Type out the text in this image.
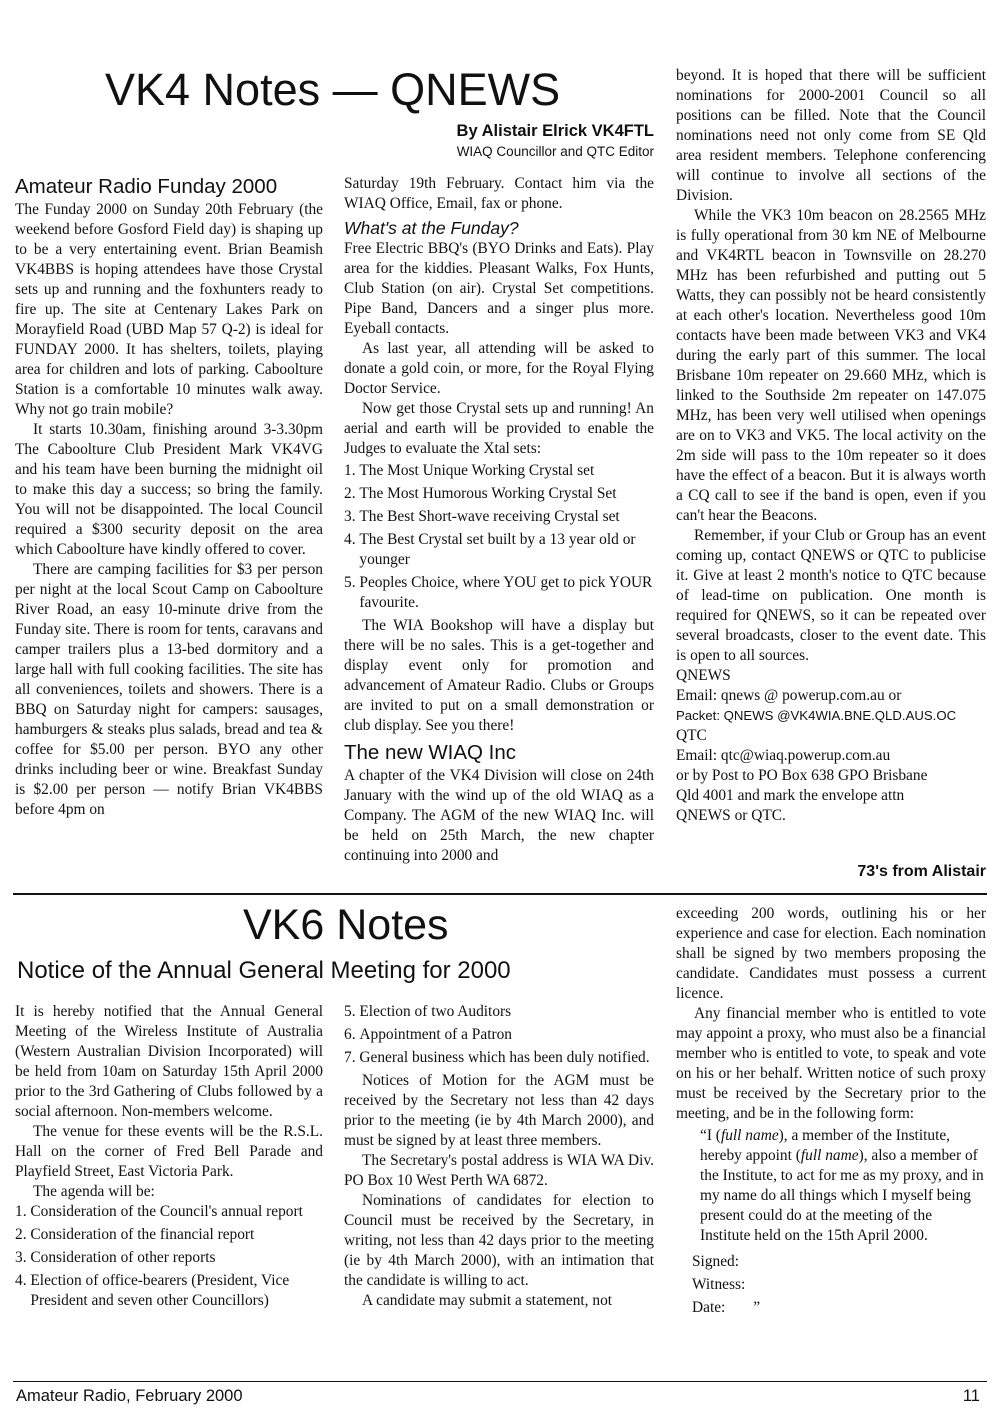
VK4 Notes — QNEWS
By Alistair Elrick VK4FTL
WIAQ Councillor and QTC Editor

Amateur Radio Funday 2000

The Funday 2000 on Sunday 20th February (the weekend before Gosford Field day) is shaping up to be a very entertaining event. Brian Beamish VK4BBS is hoping attendees have those Crystal sets up and running and the foxhunters ready to fire up. The site at Centenary Lakes Park on Morayfield Road (UBD Map 57 Q-2) is ideal for FUNDAY 2000. It has shelters, toilets, playing area for children and lots of parking. Caboolture Station is a comfortable 10 minutes walk away. Why not go train mobile?

It starts 10.30am, finishing around 3-3.30pm The Caboolture Club President Mark VK4VG and his team have been burning the midnight oil to make this day a success; so bring the family. You will not be disappointed. The local Council required a $300 security deposit on the area which Caboolture have kindly offered to cover.

There are camping facilities for $3 per person per night at the local Scout Camp on Caboolture River Road, an easy 10-minute drive from the Funday site. There is room for tents, caravans and camper trailers plus a 13-bed dormitory and a large hall with full cooking facilities. The site has all conveniences, toilets and showers. There is a BBQ on Saturday night for campers: sausages, hamburgers & steaks plus salads, bread and tea & coffee for $5.00 per person. BYO any other drinks including beer or wine. Breakfast Sunday is $2.00 per person — notify Brian VK4BBS before 4pm on

Saturday 19th February. Contact him via the WIAQ Office, Email, fax or phone.

What's at the Funday?

Free Electric BBQ's (BYO Drinks and Eats). Play area for the kiddies. Pleasant Walks, Fox Hunts, Club Station (on air). Crystal Set competitions. Pipe Band, Dancers and a singer plus more. Eyeball contacts.

As last year, all attending will be asked to donate a gold coin, or more, for the Royal Flying Doctor Service.

Now get those Crystal sets up and running! An aerial and earth will be provided to enable the Judges to evaluate the Xtal sets:

1. The Most Unique Working Crystal set
2. The Most Humorous Working Crystal Set
3. The Best Short-wave receiving Crystal set
4. The Best Crystal set built by a 13 year old or younger
5. Peoples Choice, where YOU get to pick YOUR favourite.

The WIA Bookshop will have a display but there will be no sales. This is a get-together and display event only for promotion and advancement of Amateur Radio. Clubs or Groups are invited to put on a small demonstration or club display. See you there!

The new WIAQ Inc

A chapter of the VK4 Division will close on 24th January with the wind up of the old WIAQ as a Company. The AGM of the new WIAQ Inc. will be held on 25th March, the new chapter continuing into 2000 and

beyond. It is hoped that there will be sufficient nominations for 2000-2001 Council so all positions can be filled. Note that the Council nominations need not only come from SE Qld area resident members. Telephone conferencing will continue to involve all sections of the Division.

While the VK3 10m beacon on 28.2565 MHz is fully operational from 30 km NE of Melbourne and VK4RTL beacon in Townsville on 28.270 MHz has been refurbished and putting out 5 Watts, they can possibly not be heard consistently at each other's location. Nevertheless good 10m contacts have been made between VK3 and VK4 during the early part of this summer. The local Brisbane 10m repeater on 29.660 MHz, which is linked to the Southside 2m repeater on 147.075 MHz, has been very well utilised when openings are on to VK3 and VK5. The local activity on the 2m side will pass to the 10m repeater so it does have the effect of a beacon. But it is always worth a CQ call to see if the band is open, even if you can't hear the Beacons.

Remember, if your Club or Group has an event coming up, contact QNEWS or QTC to publicise it. Give at least 2 month's notice to QTC because of lead-time on publication. One month is required for QNEWS, so it can be repeated over several broadcasts, closer to the event date. This is open to all sources.

QNEWS
Email: qnews @ powerup.com.au or
Packet: QNEWS @VK4WIA.BNE.QLD.AUS.OC
QTC
Email: qtc@wiaq.powerup.com.au
or by Post to PO Box 638 GPO Brisbane
Qld 4001 and mark the envelope attn
QNEWS or QTC.
73's from Alistair
VK6 Notes
Notice of the Annual General Meeting for 2000

It is hereby notified that the Annual General Meeting of the Wireless Institute of Australia (Western Australian Division Incorporated) will be held from 10am on Saturday 15th April 2000 prior to the 3rd Gathering of Clubs followed by a social afternoon. Non-members welcome.

The venue for these events will be the R.S.L. Hall on the corner of Fred Bell Parade and Playfield Street, East Victoria Park.

The agenda will be:

1. Consideration of the Council's annual report
2. Consideration of the financial report
3. Consideration of other reports
4. Election of office-bearers (President, Vice President and seven other Councillors)
5. Election of two Auditors
6. Appointment of a Patron
7. General business which has been duly notified.

Notices of Motion for the AGM must be received by the Secretary not less than 42 days prior to the meeting (ie by 4th March 2000), and must be signed by at least three members.

The Secretary's postal address is WIA WA Div. PO Box 10 West Perth WA 6872.

Nominations of candidates for election to Council must be received by the Secretary, in writing, not less than 42 days prior to the meeting (ie by 4th March 2000), with an intimation that the candidate is willing to act.

A candidate may submit a statement, not

exceeding 200 words, outlining his or her experience and case for election. Each nomination shall be signed by two members proposing the candidate. Candidates must possess a current licence.

Any financial member who is entitled to vote may appoint a proxy, who must also be a financial member who is entitled to vote, to speak and vote on his or her behalf. Written notice of such proxy must be received by the Secretary prior to the meeting, and be in the following form:

“I (full name), a member of the Institute, hereby appoint (full name), also a member of the Institute, to act for me as my proxy, and in my name do all things which I myself being present could do at the meeting of the Institute held on the 15th April 2000.

Signed:
Witness:
Date: ”
Amateur Radio, February 2000	11
